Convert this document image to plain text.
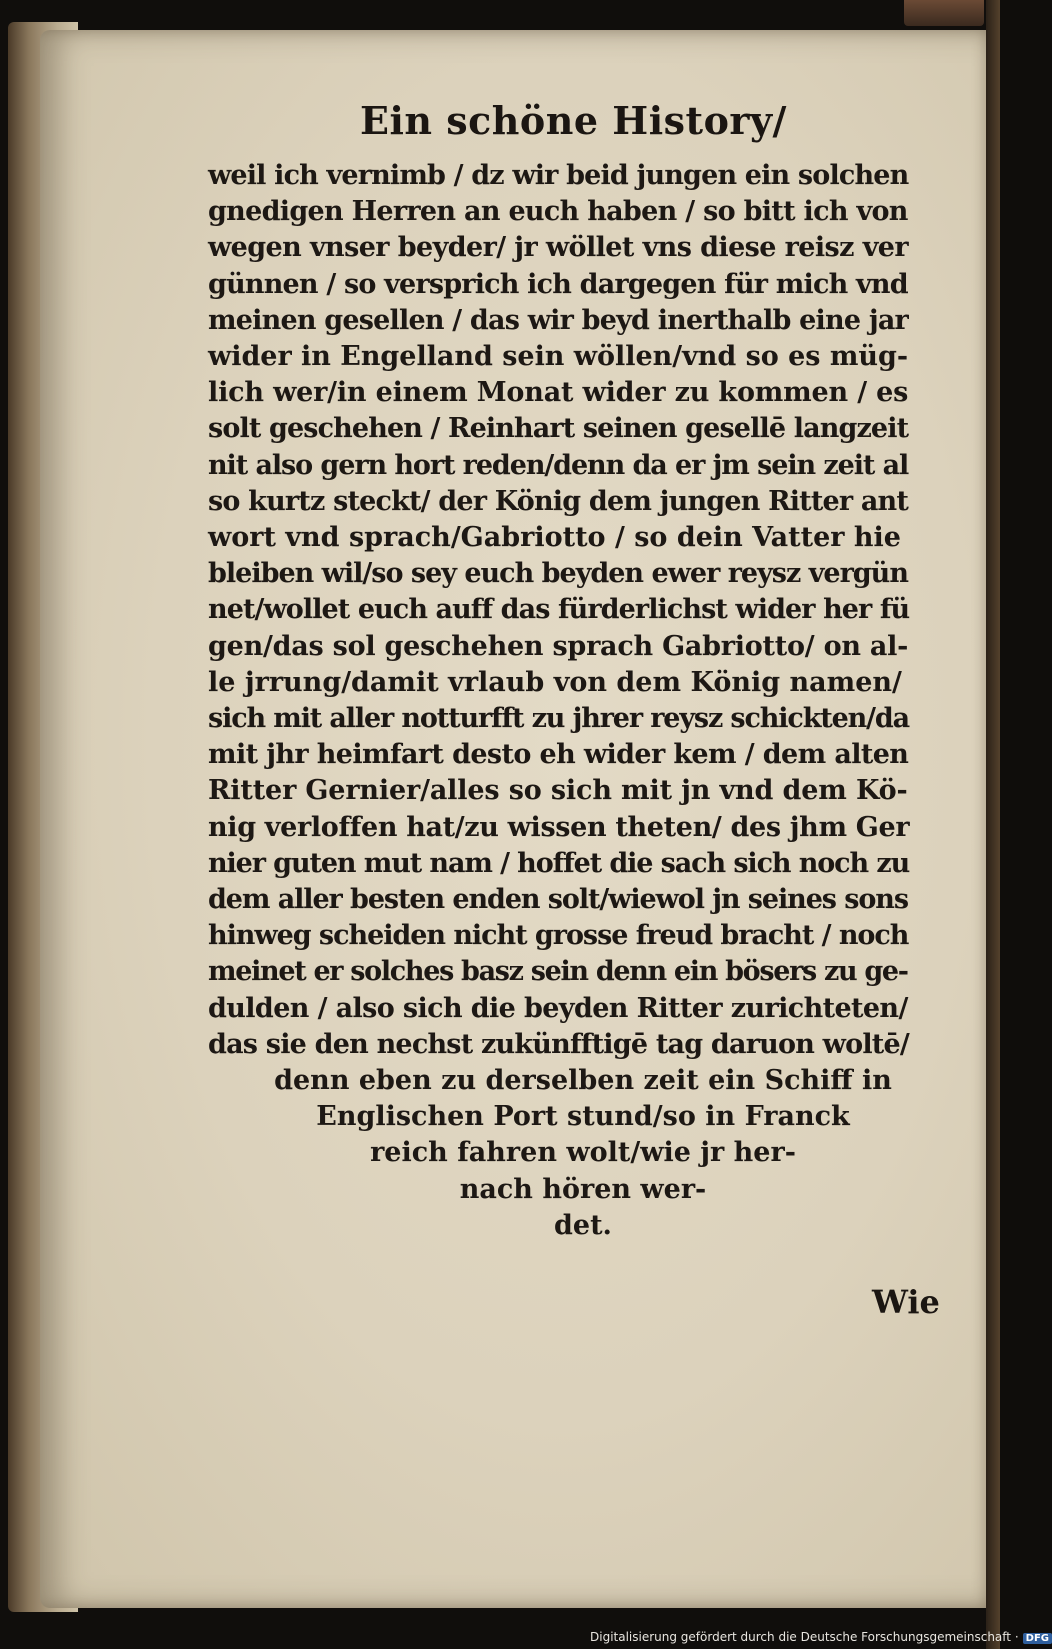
Ein schöne History/
weil ich vernimb / dz wir beid jungen ein solchen
gnedigen Herren an euch haben / so bitt ich von
wegen vnser beyder/ jr wöllet vns diese reisz ver
günnen / so versprich ich dargegen für mich vnd
meinen gesellen / das wir beyd inerthalb eine jar
wider in Engelland sein wöllen/vnd so es müg-
lich wer/in einem Monat wider zu kommen / es
solt geschehen / Reinhart seinen gesellē langzeit
nit also gern hort reden/denn da er jm sein zeit al
so kurtz steckt/ der König dem jungen Ritter ant
wort vnd sprach/Gabriotto / so dein Vatter hie
bleiben wil/so sey euch beyden ewer reysz vergün
net/wollet euch auff das fürderlichst wider her fü
gen/das sol geschehen sprach Gabriotto/ on al-
le jrrung/damit vrlaub von dem König namen/
sich mit aller notturfft zu jhrer reysz schickten/da
mit jhr heimfart desto eh wider kem / dem alten
Ritter Gernier/alles so sich mit jn vnd dem Kö-
nig verloffen hat/zu wissen theten/ des jhm Ger
nier guten mut nam / hoffet die sach sich noch zu
dem aller besten enden solt/wiewol jn seines sons
hinweg scheiden nicht grosse freud bracht / noch
meinet er solches basz sein denn ein bösers zu ge-
dulden / also sich die beyden Ritter zurichteten/
das sie den nechst zukünfftigē tag daruon woltē/
denn eben zu derselben zeit ein Schiff in
Englischen Port stund/so in Franck
reich fahren wolt/wie jr her-
nach hören wer-
det.
Wie
Digitalisierung gefördert durch die Deutsche Forschungsgemeinschaft · DFG
